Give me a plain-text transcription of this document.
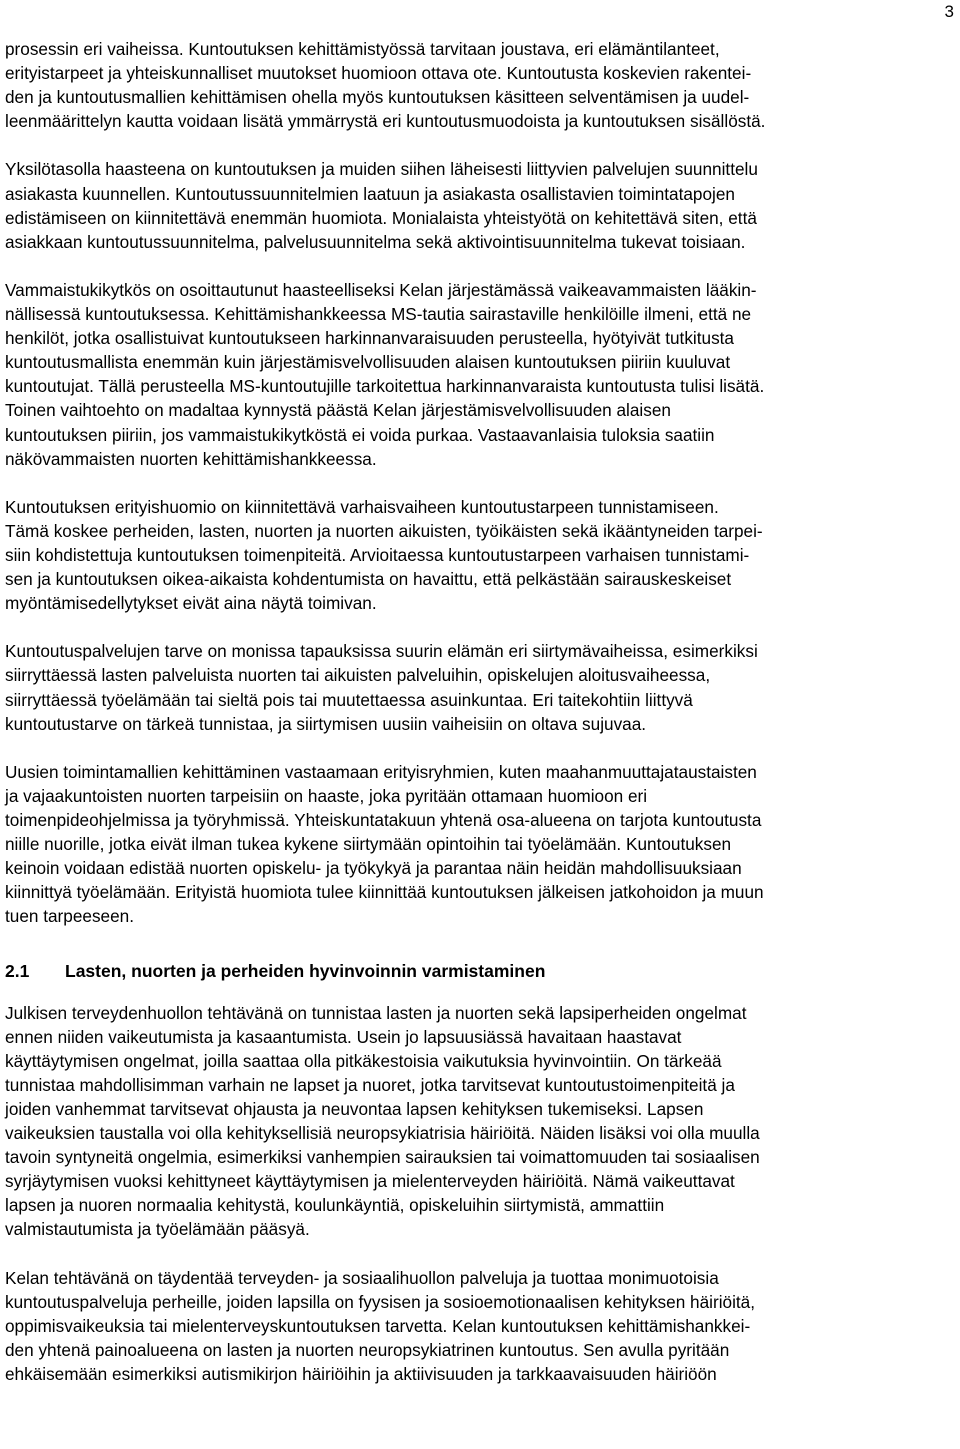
3

prosessin eri vaiheissa. Kuntoutuksen kehittämistyössä tarvitaan joustava, eri elämäntilanteet,
erityistarpeet ja yhteiskunnalliset muutokset huomioon ottava ote. Kuntoutusta koskevien rakentei-
den ja kuntoutusmallien kehittämisen ohella myös kuntoutuksen käsitteen selventämisen ja uudel-
leenmäärittelyn kautta voidaan lisätä ymmärrystä eri kuntoutusmuodoista ja kuntoutuksen sisällöstä.

Yksilötasolla haasteena on kuntoutuksen ja muiden siihen läheisesti liittyvien palvelujen suunnittelu
asiakasta kuunnellen. Kuntoutussuunnitelmien laatuun ja asiakasta osallistavien toimintatapojen
edistämiseen on kiinnitettävä enemmän huomiota. Monialaista yhteistyötä on kehitettävä siten, että
asiakkaan kuntoutussuunnitelma, palvelusuunnitelma sekä aktivointisuunnitelma tukevat toisiaan.

Vammaistukikytkös on osoittautunut haasteelliseksi Kelan järjestämässä vaikeavammaisten lääkin-
nällisessä kuntoutuksessa. Kehittämishankkeessa MS-tautia sairastaville henkilöille ilmeni, että ne
henkilöt, jotka osallistuivat kuntoutukseen harkinnanvaraisuuden perusteella, hyötyivät tutkitusta
kuntoutusmallista enemmän kuin järjestämisvelvollisuuden alaisen kuntoutuksen piiriin kuuluvat
kuntoutujat. Tällä perusteella MS-kuntoutujille tarkoitettua harkinnanvaraista kuntoutusta tulisi lisätä.
Toinen vaihtoehto on madaltaa kynnystä päästä Kelan järjestämisvelvollisuuden alaisen
kuntoutuksen piiriin, jos vammaistukikytköstä ei voida purkaa. Vastaavanlaisia tuloksia saatiin
näkövammaisten nuorten kehittämishankkeessa.

Kuntoutuksen erityishuomio on kiinnitettävä varhaisvaiheen kuntoutustarpeen tunnistamiseen.
Tämä koskee perheiden, lasten, nuorten ja nuorten aikuisten, työikäisten sekä ikääntyneiden tarpei-
siin kohdistettuja kuntoutuksen toimenpiteitä. Arvioitaessa kuntoutustarpeen varhaisen tunnistami-
sen ja kuntoutuksen oikea-aikaista kohdentumista on havaittu, että pelkästään sairauskeskeiset
myöntämisedellytykset eivät aina näytä toimivan.

Kuntoutuspalvelujen tarve on monissa tapauksissa suurin elämän eri siirtymävaiheissa, esimerkiksi
siirryttäessä lasten palveluista nuorten tai aikuisten palveluihin, opiskelujen aloitusvaiheessa,
siirryttäessä työelämään tai sieltä pois tai muutettaessa asuinkuntaa. Eri taitekohtiin liittyvä
kuntoutustarve on tärkeä tunnistaa, ja siirtymisen uusiin vaiheisiin on oltava sujuvaa.

Uusien toimintamallien kehittäminen vastaamaan erityisryhmien, kuten maahanmuuttajataustaisten
ja vajaakuntoisten nuorten tarpeisiin on haaste, joka pyritään ottamaan huomioon eri
toimenpideohjelmissa ja työryhmissä. Yhteiskuntatakuun yhtenä osa-alueena on tarjota kuntoutusta
niille nuorille, jotka eivät ilman tukea kykene siirtymään opintoihin tai työelämään. Kuntoutuksen
keinoin voidaan edistää nuorten opiskelu- ja työkykyä ja parantaa näin heidän mahdollisuuksiaan
kiinnittyä työelämään. Erityistä huomiota tulee kiinnittää kuntoutuksen jälkeisen jatkohoidon ja muun
tuen tarpeeseen.

2.1	Lasten, nuorten ja perheiden hyvinvoinnin varmistaminen

Julkisen terveydenhuollon tehtävänä on tunnistaa lasten ja nuorten sekä lapsiperheiden ongelmat
ennen niiden vaikeutumista ja kasaantumista. Usein jo lapsuusiässä havaitaan haastavat
käyttäytymisen ongelmat, joilla saattaa olla pitkäkestoisia vaikutuksia hyvinvointiin. On tärkeää
tunnistaa mahdollisimman varhain ne lapset ja nuoret, jotka tarvitsevat kuntoutustoimenpiteitä ja
joiden vanhemmat tarvitsevat ohjausta ja neuvontaa lapsen kehityksen tukemiseksi. Lapsen
vaikeuksien taustalla voi olla kehityksellisiä neuropsykiatrisia häiriöitä. Näiden lisäksi voi olla muulla
tavoin syntyneitä ongelmia, esimerkiksi vanhempien sairauksien tai voimattomuuden tai sosiaalisen
syrjäytymisen vuoksi kehittyneet käyttäytymisen ja mielenterveyden häiriöitä. Nämä vaikeuttavat
lapsen ja nuoren normaalia kehitystä, koulunkäyntiä, opiskeluihin siirtymistä, ammattiin
valmistautumista ja työelämään pääsyä.

Kelan tehtävänä on täydentää terveyden- ja sosiaalihuollon palveluja ja tuottaa monimuotoisia
kuntoutuspalveluja perheille, joiden lapsilla on fyysisen ja sosioemotionaalisen kehityksen häiriöitä,
oppimisvaikeuksia tai mielenterveyskuntoutuksen tarvetta. Kelan kuntoutuksen kehittämishankkei-
den yhtenä painoalueena on lasten ja nuorten neuropsykiatrinen kuntoutus. Sen avulla pyritään
ehkäisemään esimerkiksi autismikirjon häiriöihin ja aktiivisuuden ja tarkkaavaisuuden häiriöön
